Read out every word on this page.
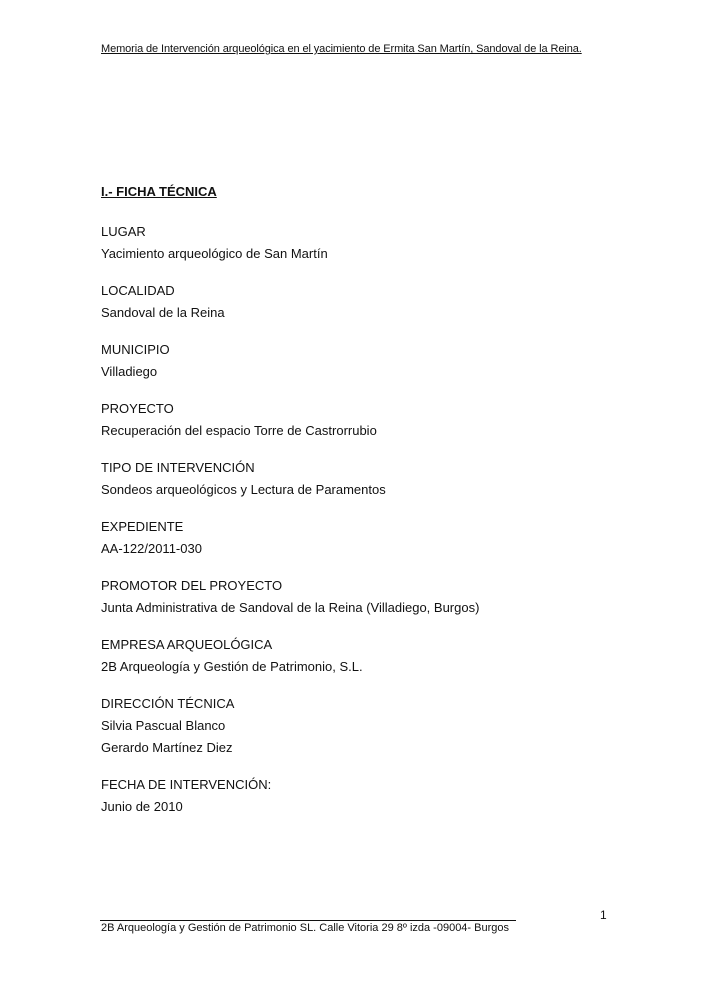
Memoria de Intervención arqueológica en el yacimiento de Ermita San Martín, Sandoval de la Reina.
I.- FICHA TÉCNICA
LUGAR
Yacimiento arqueológico de San Martín
LOCALIDAD
Sandoval de la Reina
MUNICIPIO
Villadiego
PROYECTO
Recuperación del espacio Torre de Castrorrubio
TIPO DE INTERVENCIÓN
Sondeos arqueológicos y Lectura de Paramentos
EXPEDIENTE
AA-122/2011-030
PROMOTOR DEL PROYECTO
Junta Administrativa de Sandoval de la Reina (Villadiego, Burgos)
EMPRESA ARQUEOLÓGICA
2B Arqueología y Gestión de Patrimonio, S.L.
DIRECCIÓN TÉCNICA
Silvia Pascual Blanco
Gerardo Martínez Diez
FECHA DE INTERVENCIÓN:
Junio de 2010
1
2B Arqueología y Gestión de Patrimonio SL. Calle Vitoria 29 8º izda -09004- Burgos
